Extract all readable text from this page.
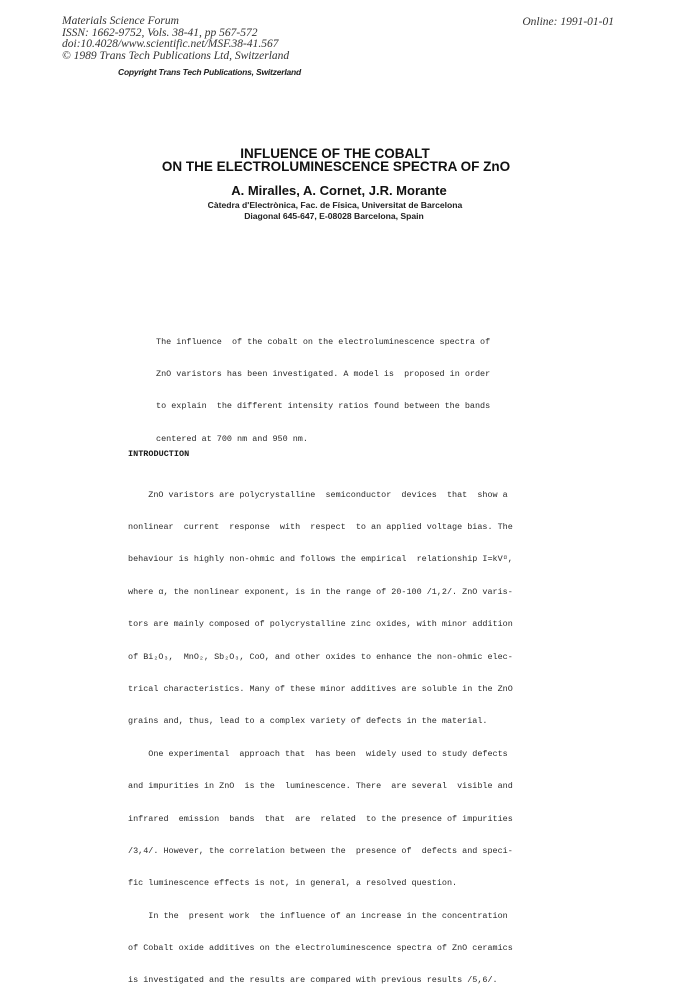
Materials Science Forum
ISSN: 1662-9752, Vols. 38-41, pp 567-572
doi:10.4028/www.scientific.net/MSF.38-41.567
© 1989 Trans Tech Publications Ltd, Switzerland
Online: 1991-01-01
Copyright Trans Tech Publications, Switzerland
INFLUENCE OF THE COBALT
ON THE ELECTROLUMINESCENCE SPECTRA OF ZnO
A. Miralles, A. Cornet, J.R. Morante
Càtedra d'Electrònica, Fac. de Física, Universitat de Barcelona
Diagonal 645-647, E-08028 Barcelona, Spain

The influence  of the cobalt on the electroluminescence spectra of

ZnO varistors has been investigated. A model is  proposed in order

to explain  the different intensity ratios found between the bands

centered at 700 nm and 950 nm.

INTRODUCTION

ZnO varistors are polycrystalline  semiconductor  devices  that  show a

nonlinear  current  response  with  respect  to an applied voltage bias. The

behaviour is highly non-ohmic and follows the empirical  relationship I=kVᵅ,

where α, the nonlinear exponent, is in the range of 20-100 /1,2/. ZnO varis-

tors are mainly composed of polycrystalline zinc oxides, with minor addition

of Bi₂O₃,  MnO₂, Sb₂O₃, CoO, and other oxides to enhance the non-ohmic elec-

trical characteristics. Many of these minor additives are soluble in the ZnO

grains and, thus, lead to a complex variety of defects in the material.

One experimental  approach that  has been  widely used to study defects

and impurities in ZnO  is the  luminescence. There  are several  visible and

infrared  emission  bands  that  are  related  to the presence of impurities

/3,4/. However, the correlation between the  presence of  defects and speci-

fic luminescence effects is not, in general, a resolved question.

In the  present work  the influence of an increase in the concentration

of Cobalt oxide additives on the electroluminescence spectra of ZnO ceramics

is investigated and the results are compared with previous results /5,6/.
